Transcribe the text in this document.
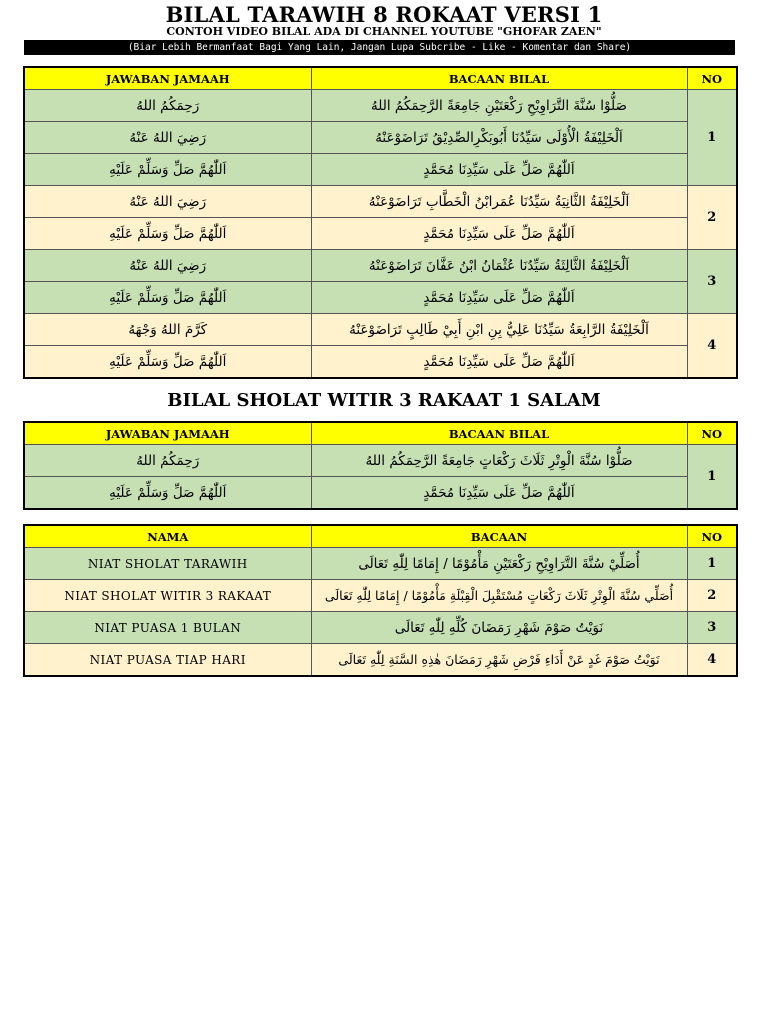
BILAL TARAWIH 8 ROKAAT VERSI 1
CONTOH VIDEO BILAL ADA DI CHANNEL YOUTUBE "GHOFAR ZAEN"
(Biar Lebih Bermanfaat Bagi Yang Lain, Jangan Lupa Subcribe - Like - Komentar dan Share)
JAWABAN JAMAAH	BACAAN BILAL	NO
رَحِمَكُمُ اللهُ	صَلُّوْا سُنَّةَ التَّرَاوِيْحِ رَكْعَتَيْنِ جَامِعَةً الرَّحِمَكُمُ اللهُ	1
رَضِيَ اللهُ عَنْهُ	اَلْخَلِيْفَةُ الْأُوْلَى سَيِّدُنَا أَبُوبَكْرِالصِّدِيْقُ تَرَاضَوْعَنْهُ	
اَللّٰهُمَّ صَلِّ وَسَلِّمْ عَلَيْهِ	اَللّٰهُمَّ صَلِّ عَلَى سَيِّدِنَا مُحَمَّدٍ	
رَضِيَ اللهُ عَنْهُ	اَلْخَلِيْفَةُ الثَّانِيَةُ سَيِّدُنَا عُمَرابْنُ الْخَطَّابِ تَرَاضَوْعَنْهُ	2
اَللّٰهُمَّ صَلِّ وَسَلِّمْ عَلَيْهِ	اَللّٰهُمَّ صَلِّ عَلَى سَيِّدِنَا مُحَمَّدٍ	
رَضِيَ اللهُ عَنْهُ	اَلْخَلِيْفَةُ الثَّالِثَةُ سَيِّدُنَا عُثْمَانُ ابْنُ عَفَّانَ تَرَاضَوْعَنْهُ	3
اَللّٰهُمَّ صَلِّ وَسَلِّمْ عَلَيْهِ	اَللّٰهُمَّ صَلِّ عَلَى سَيِّدِنَا مُحَمَّدٍ	
كَرَّمَ اللهُ وَجْهَهُ	اَلْخَلِيْفَةُ الرَّابِعَةُ سَيِّدُنَا عَلِيُّ بِنِ ابْنِ أَبِيْ طَالِبٍ تَرَاضَوْعَنْهُ	4
اَللّٰهُمَّ صَلِّ وَسَلِّمْ عَلَيْهِ	اَللّٰهُمَّ صَلِّ عَلَى سَيِّدِنَا مُحَمَّدٍ	
BILAL SHOLAT WITIR 3 RAKAAT 1 SALAM
JAWABAN JAMAAH	BACAAN BILAL	NO
رَحِمَكُمُ اللهُ	صَلُّوْا سُنَّةَ الْوِتْرِ ثَلَاثَ رَكْعَاتٍ جَامِعَةً الرَّحِمَكُمُ اللهُ	1
اَللّٰهُمَّ صَلِّ وَسَلِّمْ عَلَيْهِ	اَللّٰهُمَّ صَلِّ عَلَى سَيِّدِنَا مُحَمَّدٍ	
NAMA	BACAAN	NO
NIAT SHOLAT TARAWIH	أُصَلِّيْ سُنَّةَ التَّرَاوِيْحِ رَكْعَتَيْنِ مَأْمُوْمًا / إِمَامًا لِلّٰهِ تَعَالَى	1
NIAT SHOLAT WITIR 3 RAKAAT	أُصَلِّي سُنَّةَ الْوِتْرِ ثَلَاثَ رَكْعَاتٍ مُسْتَقْبِلَ الْقِبْلَةِ مَأْمُوْمًا / إِمَامًا لِلّٰهِ تَعَالَى	2
NIAT PUASA 1 BULAN	نَوَيْتُ صَوْمَ شَهْرِ رَمَضَانَ كُلِّهِ لِلّٰهِ تَعَالَى	3
NIAT PUASA TIAP HARI	نَوَيْتُ صَوْمَ غَدٍ عَنْ أَدَاءِ فَرْضِ شَهْرِ رَمَضَانَ هٰذِهِ السَّنَةِ لِلّٰهِ تَعَالَى	4
